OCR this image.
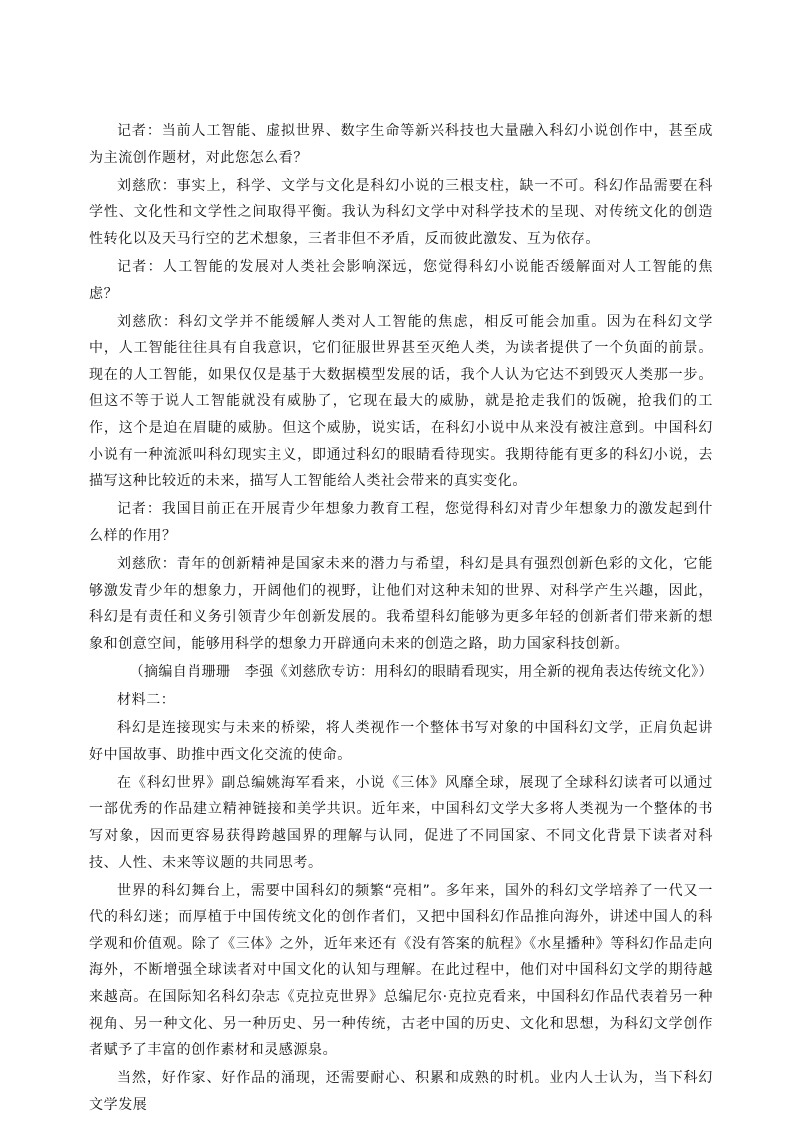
记者：当前人工智能、虚拟世界、数字生命等新兴科技也大量融入科幻小说创作中，甚至成为主流创作题材，对此您怎么看？

刘慈欣：事实上，科学、文学与文化是科幻小说的三根支柱，缺一不可。科幻作品需要在科学性、文化性和文学性之间取得平衡。我认为科幻文学中对科学技术的呈现、对传统文化的创造性转化以及天马行空的艺术想象，三者非但不矛盾，反而彼此激发、互为依存。

记者：人工智能的发展对人类社会影响深远，您觉得科幻小说能否缓解面对人工智能的焦虑？

刘慈欣：科幻文学并不能缓解人类对人工智能的焦虑，相反可能会加重。因为在科幻文学中，人工智能往往具有自我意识，它们征服世界甚至灭绝人类，为读者提供了一个负面的前景。现在的人工智能，如果仅仅是基于大数据模型发展的话，我个人认为它达不到毁灭人类那一步。但这不等于说人工智能就没有威胁了，它现在最大的威胁，就是抢走我们的饭碗，抢我们的工作，这个是迫在眉睫的威胁。但这个威胁，说实话，在科幻小说中从来没有被注意到。中国科幻小说有一种流派叫科幻现实主义，即通过科幻的眼睛看待现实。我期待能有更多的科幻小说，去描写这种比较近的未来，描写人工智能给人类社会带来的真实变化。

记者：我国目前正在开展青少年想象力教育工程，您觉得科幻对青少年想象力的激发起到什么样的作用？

刘慈欣：青年的创新精神是国家未来的潜力与希望，科幻是具有强烈创新色彩的文化，它能够激发青少年的想象力，开阔他们的视野，让他们对这种未知的世界、对科学产生兴趣，因此，科幻是有责任和义务引领青少年创新发展的。我希望科幻能够为更多年轻的创新者们带来新的想象和创意空间，能够用科学的想象力开辟通向未来的创造之路，助力国家科技创新。

（摘编自肖珊珊　李强《刘慈欣专访：用科幻的眼睛看现实，用全新的视角表达传统文化》）

材料二：

科幻是连接现实与未来的桥梁，将人类视作一个整体书写对象的中国科幻文学，正肩负起讲好中国故事、助推中西文化交流的使命。

在《科幻世界》副总编姚海军看来，小说《三体》风靡全球，展现了全球科幻读者可以通过一部优秀的作品建立精神链接和美学共识。近年来，中国科幻文学大多将人类视为一个整体的书写对象，因而更容易获得跨越国界的理解与认同，促进了不同国家、不同文化背景下读者对科技、人性、未来等议题的共同思考。

世界的科幻舞台上，需要中国科幻的频繁“亮相”。多年来，国外的科幻文学培养了一代又一代的科幻迷；而厚植于中国传统文化的创作者们，又把中国科幻作品推向海外，讲述中国人的科学观和价值观。除了《三体》之外，近年来还有《没有答案的航程》《水星播种》等科幻作品走向海外，不断增强全球读者对中国文化的认知与理解。在此过程中，他们对中国科幻文学的期待越来越高。在国际知名科幻杂志《克拉克世界》总编尼尔·克拉克看来，中国科幻作品代表着另一种视角、另一种文化、另一种历史、另一种传统，古老中国的历史、文化和思想，为科幻文学创作者赋予了丰富的创作素材和灵感源泉。

当然，好作家、好作品的涌现，还需要耐心、积累和成熟的时机。业内人士认为，当下科幻文学发展
